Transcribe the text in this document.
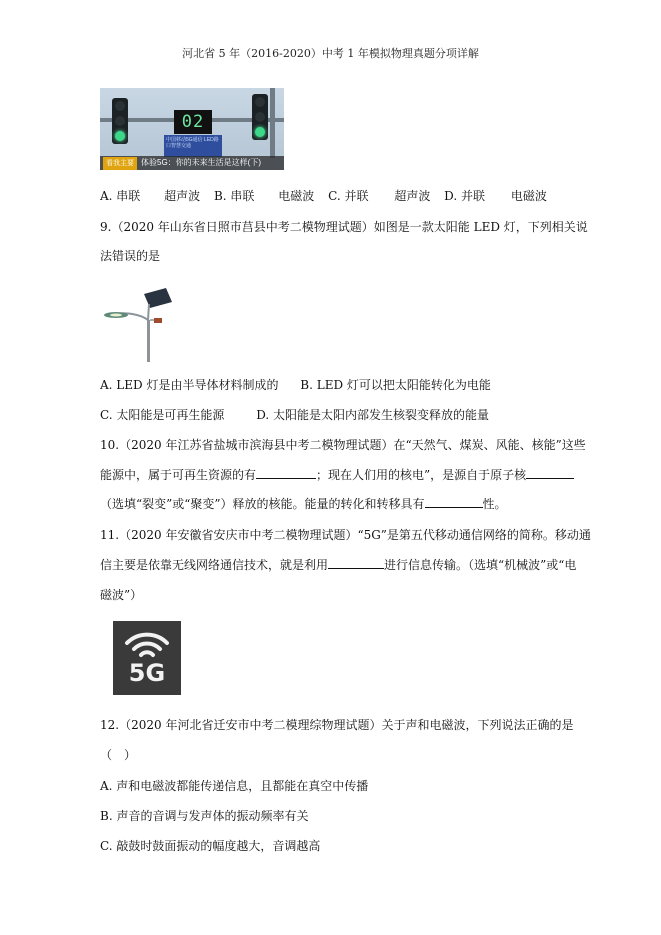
河北省 5 年（2016-2020）中考 1 年模拟物理真题分项详解
02
中国移动5G通信 LED路口智慧交通
看我主要 体验5G：你的未来生活是这样(下)
A. 串联 超声波 B. 串联 电磁波 C. 并联 超声波 D. 并联 电磁波
9.（2020 年山东省日照市莒县中考二模物理试题）如图是一款太阳能 LED 灯，下列相关说
法错误的是
A. LED 灯是由半导体材料制成的 B. LED 灯可以把太阳能转化为电能
C. 太阳能是可再生能源	D. 太阳能是太阳内部发生核裂变释放的能量
10.（2020 年江苏省盐城市滨海县中考二模物理试题）在“天然气、煤炭、风能、核能”这些
能源中，属于可再生资源的有	；现在人们用的核电”，是源自于原子核
（选填“裂变”或“聚变”）释放的核能。能量的转化和转移具有	性。
11.（2020 年安徽省安庆市中考二模物理试题）“5G”是第五代移动通信网络的简称。移动通
信主要是依靠无线网络通信技术，就是利用	进行信息传输。（选填“机械波”或“电
磁波”）
5G
12.（2020 年河北省迁安市中考二模理综物理试题）关于声和电磁波，下列说法正确的是
（　）
A. 声和电磁波都能传递信息，且都能在真空中传播
B. 声音的音调与发声体的振动频率有关
C. 敲鼓时鼓面振动的幅度越大，音调越高
